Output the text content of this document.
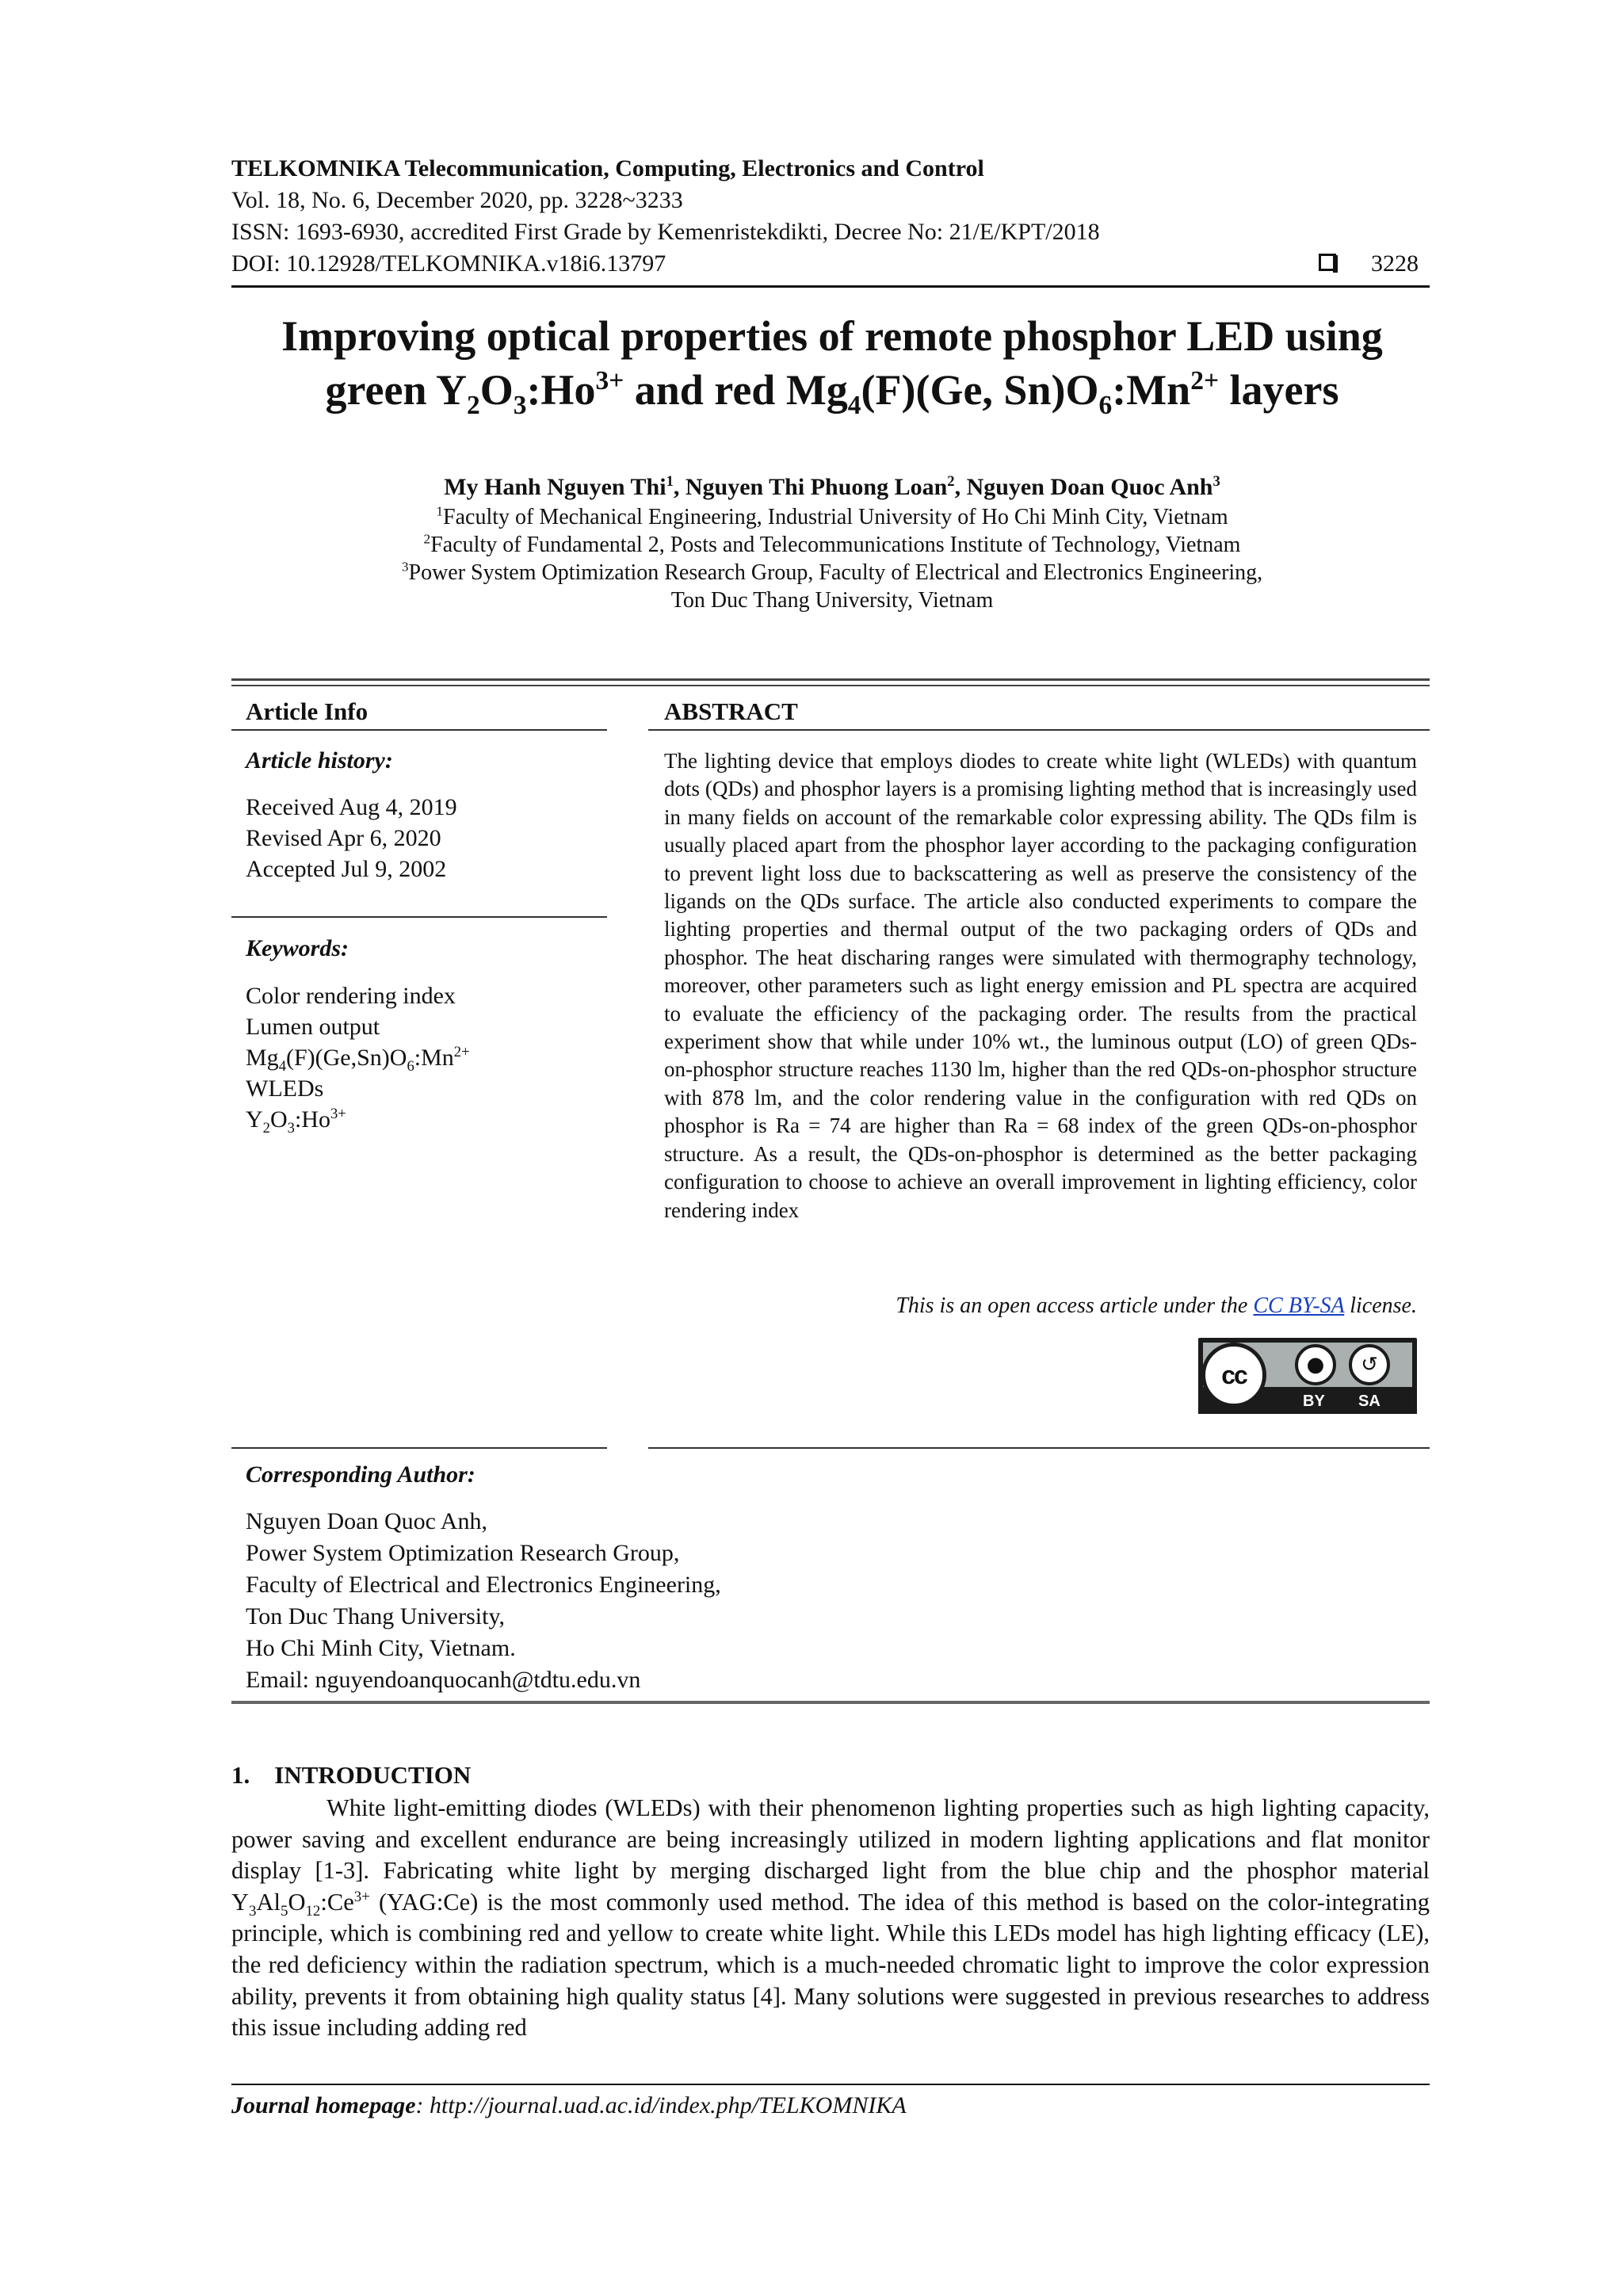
TELKOMNIKA Telecommunication, Computing, Electronics and Control
Vol. 18, No. 6, December 2020, pp. 3228~3233
ISSN: 1693-6930, accredited First Grade by Kemenristekdikti, Decree No: 21/E/KPT/2018
DOI: 10.12928/TELKOMNIKA.v18i6.13797	3228
Improving optical properties of remote phosphor LED using
green $Y_2O_3:Ho^{3+}$ and red $Mg_4(F)(Ge$, $Sn)O_6:Mn^{2+}$ layers
My Hanh Nguyen Thi$^1$, Nguyen Thi Phuong Loan$^2$, Nguyen Doan Quoc Anh$^3$
$^1$Faculty of Mechanical Engineering, Industrial University of Ho Chi Minh City, Vietnam
$^2$Faculty of Fundamental 2, Posts and Telecommunications Institute of Technology, Vietnam
$^3$Power System Optimization Research Group, Faculty of Electrical and Electronics Engineering,
Ton Duc Thang University, Vietnam
Article Info	ABSTRACT
Article history:
Received Aug 4, 2019
Revised Apr 6, 2020
Accepted Jul 9, 2002
Keywords:
Color rendering index
Lumen output
$Mg_4(F)(Ge,Sn)O_6:Mn^{2+}$
WLEDs
$Y_2O_3:Ho^{3+}$
The lighting device that employs diodes to create white light (WLEDs) with quantum dots (QDs) and phosphor layers is a promising lighting method that is increasingly used in many fields on account of the remarkable color expressing ability. The QDs film is usually placed apart from the phosphor layer according to the packaging configuration to prevent light loss due to backscattering as well as preserve the consistency of the ligands on the QDs surface. The article also conducted experiments to compare the lighting properties and thermal output of the two packaging orders of QDs and phosphor. The heat discharing ranges were simulated with thermography technology, moreover, other parameters such as light energy emission and PL spectra are acquired to evaluate the efficiency of the packaging order. The results from the practical experiment show that while under 10% wt., the luminous output (LO) of green QDs-on-phosphor structure reaches 1130 lm, higher than the red QDs-on-phosphor structure with 878 lm, and the color rendering value in the configuration with red QDs on phosphor is Ra = 74 are higher than Ra = 68 index of the green QDs-on-phosphor structure. As a result, the QDs-on-phosphor is determined as the better packaging configuration to choose to achieve an overall improvement in lighting efficiency, color rendering index
This is an open access article under the CC BY-SA license.
cc	●	↺
BY SA
Corresponding Author:
Nguyen Doan Quoc Anh,
Power System Optimization Research Group,
Faculty of Electrical and Electronics Engineering,
Ton Duc Thang University,
Ho Chi Minh City, Vietnam.
Email: nguyendoanquocanh@tdtu.edu.vn
1.    INTRODUCTION
White light-emitting diodes (WLEDs) with their phenomenon lighting properties such as high lighting capacity, power saving and excellent endurance are being increasingly utilized in modern lighting applications and flat monitor display [1-3]. Fabricating white light by merging discharged light from the blue chip and the phosphor material $Y_3Al_5O_{12}:Ce^{3+}$ (YAG:Ce) is the most commonly used method. The idea of this method is based on the color-integrating principle, which is combining red and yellow to create white light. While this LEDs model has high lighting efficacy (LE), the red deficiency within the radiation spectrum, which is a much-needed chromatic light to improve the color expression ability, prevents it from obtaining high quality status [4]. Many solutions were suggested in previous researches to address this issue including adding red
Journal homepage: http://journal.uad.ac.id/index.php/TELKOMNIKA
